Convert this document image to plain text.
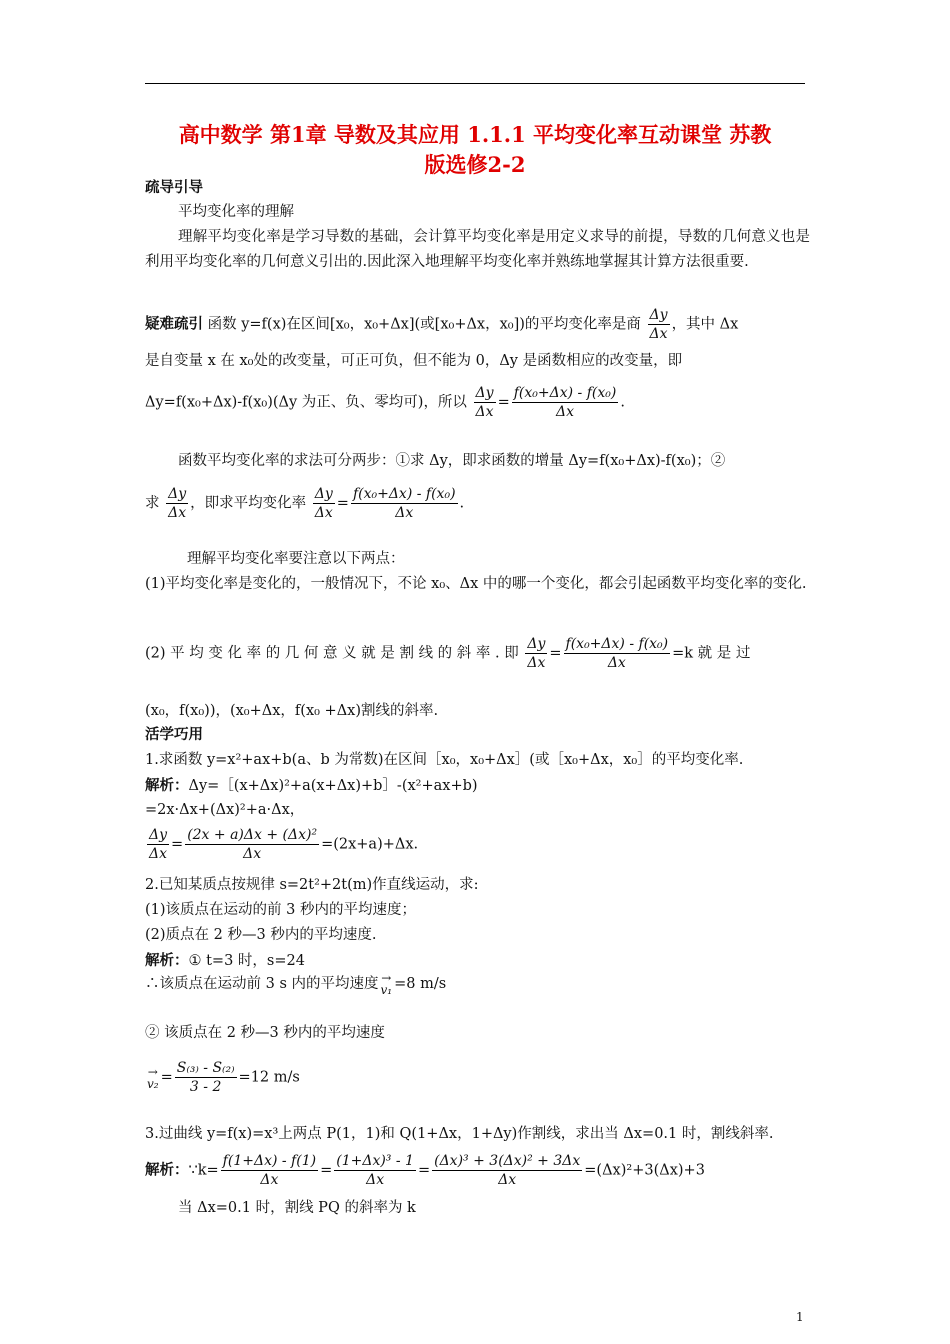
高中数学 第1章 导数及其应用 1.1.1 平均变化率互动课堂 苏教
版选修2-2
疏导引导
平均变化率的理解
理解平均变化率是学习导数的基础，会计算平均变化率是用定义求导的前提，导数的几何意义也是利用平均变化率的几何意义引出的.因此深入地理解平均变化率并熟练地掌握其计算方法很重要.
疑难疏引 函数 y=f(x)在区间[x₀，x₀+Δx](或[x₀+Δx，x₀])的平均变化率是商 $\frac{\Delta y}{\Delta x}$ ，其中 Δx
是自变量 x 在 x₀处的改变量，可正可负，但不能为 0，Δy 是函数相应的改变量，即
Δy=f(x₀+Δx)-f(x₀)(Δy 为正、负、零均可)，所以 $\frac{\Delta y}{\Delta x} = \frac{\text{f(x₀+Δx) - f(x₀)}}{\Delta x}$ .
函数平均变化率的求法可分两步：①求 Δy，即求函数的增量 Δy=f(x₀+Δx)-f(x₀)；②
求 $\frac{\Delta y}{\Delta x}$ ，即求平均变化率 $\frac{\Delta y}{\Delta x} = \frac{\text{f(x₀+Δx) - f(x₀)}}{\Delta x}$ .
理解平均变化率要注意以下两点：
(1)平均变化率是变化的，一般情况下，不论 x₀、Δx 中的哪一个变化，都会引起函数平均变化率的变化.
(2) 平 均 变 化 率 的 几 何 意 义 就 是 割 线 的 斜 率 . 即 $\frac{\Delta y}{\Delta x} = \frac{\text{f(x₀+Δx) - f(x₀)}}{\Delta x} =k$ 就 是 过
(x₀，f(x₀))，(x₀+Δx，f(x₀ +Δx)割线的斜率.
活学巧用
1.求函数 y=x²+ax+b(a、b 为常数)在区间［x₀，x₀+Δx］(或［x₀+Δx，x₀］的平均变化率.
解析：Δy=［(x+Δx)²+a(x+Δx)+b］-(x²+ax+b)
=2x·Δx+(Δx)²+a·Δx，
$\frac{\Delta y}{\Delta x} = \frac{\text{(2x + a)Δx + (Δx)²}}{\Delta x} =(2x+a)+\Delta x$.
2.已知某质点按规律 s=2t²+2t(m)作直线运动，求:
(1)该质点在运动的前 3 秒内的平均速度；
(2)质点在 2 秒—3 秒内的平均速度.
解析：① t=3 时，s=24
∴该质点在运动前 3 s 内的平均速度 →
v₁ =8 m/s
② 该质点在 2 秒—3 秒内的平均速度
→
$v_2 = \frac{\text{S₍₃₎ - S₍₂₎}}{3 - 2} =12$ m/s
3.过曲线 y=f(x)=x³上两点 P(1，1)和 Q(1+Δx，1+Δy)作割线，求出当 Δx=0.1 时，割线斜率.
解析：∵k= $\frac{f(1+\Delta x) - f(1)}{\Delta x} = \frac{\text{(1+Δx)³ - 1}}{\Delta x} = \frac{\text{(Δx)³ + 3(Δx)² + 3Δx}}{\Delta x} =(\Delta x)^2+3(\Delta x)+3$
当 Δx=0.1 时，割线 PQ 的斜率为 k
1
